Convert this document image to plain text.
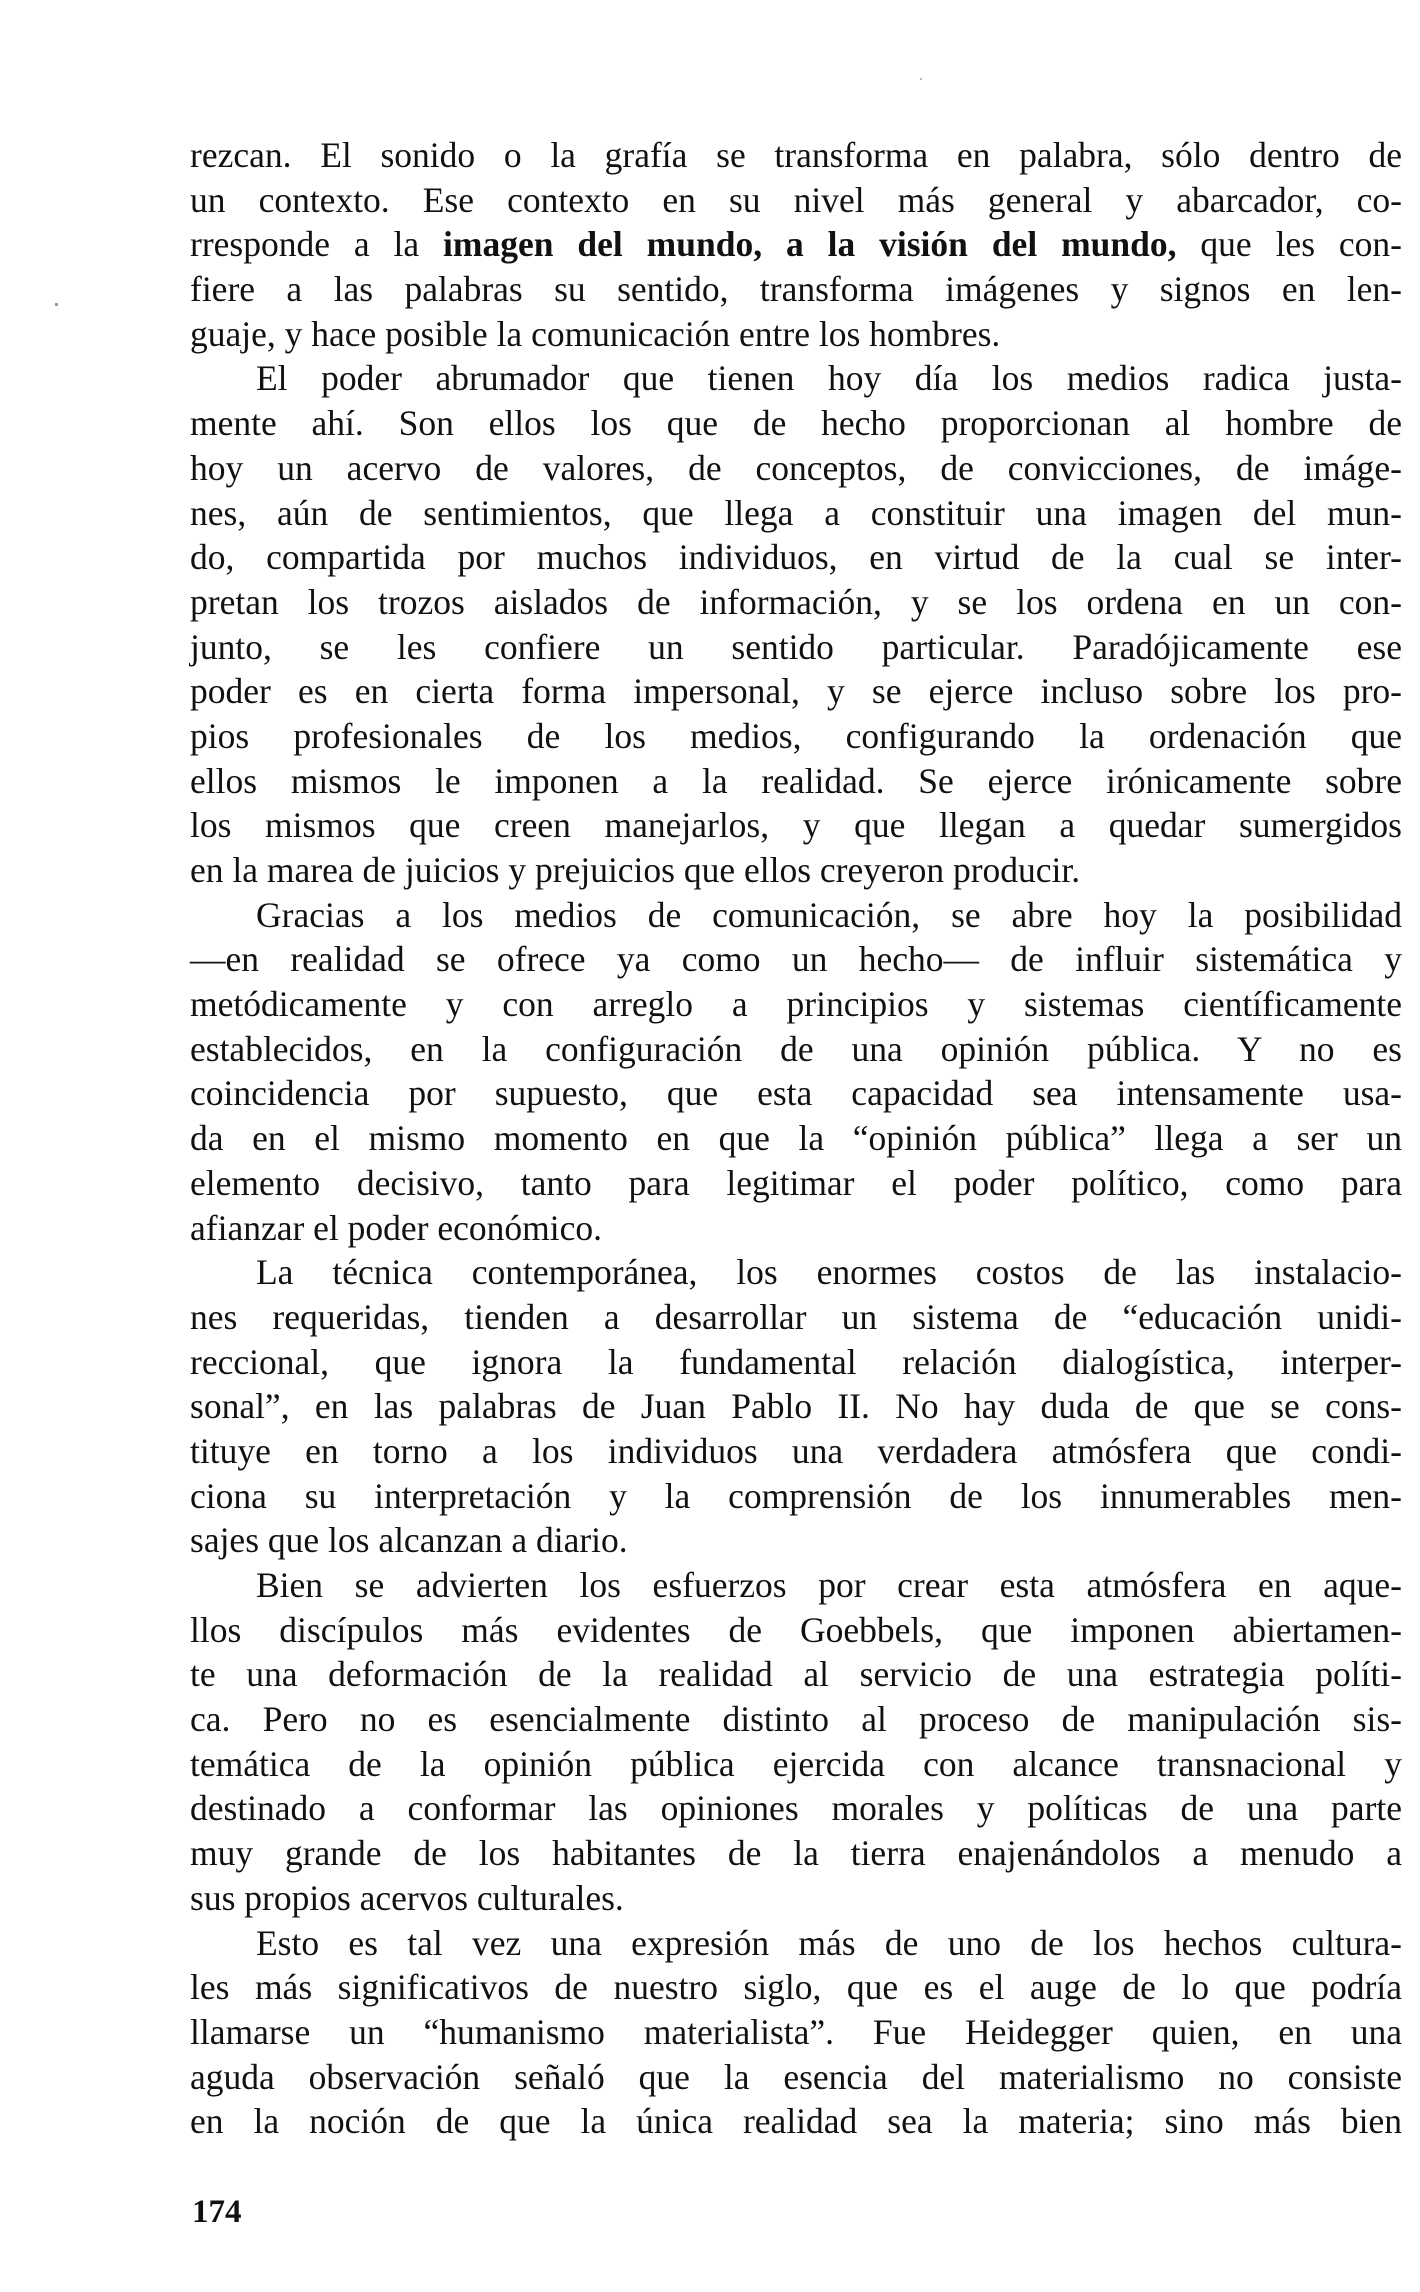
rezcan. El sonido o la grafía se transforma en palabra, sólo dentro de
un contexto. Ese contexto en su nivel más general y abarcador, co-
rresponde a la imagen del mundo, a la visión del mundo, que les con-
fiere a las palabras su sentido, transforma imágenes y signos en len-
guaje, y hace posible la comunicación entre los hombres.
El poder abrumador que tienen hoy día los medios radica justa-
mente ahí. Son ellos los que de hecho proporcionan al hombre de
hoy un acervo de valores, de conceptos, de convicciones, de imáge-
nes, aún de sentimientos, que llega a constituir una imagen del mun-
do, compartida por muchos individuos, en virtud de la cual se inter-
pretan los trozos aislados de información, y se los ordena en un con-
junto, se les confiere un sentido particular. Paradójicamente ese
poder es en cierta forma impersonal, y se ejerce incluso sobre los pro-
pios profesionales de los medios, configurando la ordenación que
ellos mismos le imponen a la realidad. Se ejerce irónicamente sobre
los mismos que creen manejarlos, y que llegan a quedar sumergidos
en la marea de juicios y prejuicios que ellos creyeron producir.
Gracias a los medios de comunicación, se abre hoy la posibilidad
—en realidad se ofrece ya como un hecho— de influir sistemática y
metódicamente y con arreglo a principios y sistemas científicamente
establecidos, en la configuración de una opinión pública. Y no es
coincidencia por supuesto, que esta capacidad sea intensamente usa-
da en el mismo momento en que la “opinión pública” llega a ser un
elemento decisivo, tanto para legitimar el poder político, como para
afianzar el poder económico.
La técnica contemporánea, los enormes costos de las instalacio-
nes requeridas, tienden a desarrollar un sistema de “educación unidi-
reccional, que ignora la fundamental relación dialogística, interper-
sonal”, en las palabras de Juan Pablo II. No hay duda de que se cons-
tituye en torno a los individuos una verdadera atmósfera que condi-
ciona su interpretación y la comprensión de los innumerables men-
sajes que los alcanzan a diario.
Bien se advierten los esfuerzos por crear esta atmósfera en aque-
llos discípulos más evidentes de Goebbels, que imponen abiertamen-
te una deformación de la realidad al servicio de una estrategia políti-
ca. Pero no es esencialmente distinto al proceso de manipulación sis-
temática de la opinión pública ejercida con alcance transnacional y
destinado a conformar las opiniones morales y políticas de una parte
muy grande de los habitantes de la tierra enajenándolos a menudo a
sus propios acervos culturales.
Esto es tal vez una expresión más de uno de los hechos cultura-
les más significativos de nuestro siglo, que es el auge de lo que podría
llamarse un “humanismo materialista”. Fue Heidegger quien, en una
aguda observación señaló que la esencia del materialismo no consiste
en la noción de que la única realidad sea la materia; sino más bien
174
